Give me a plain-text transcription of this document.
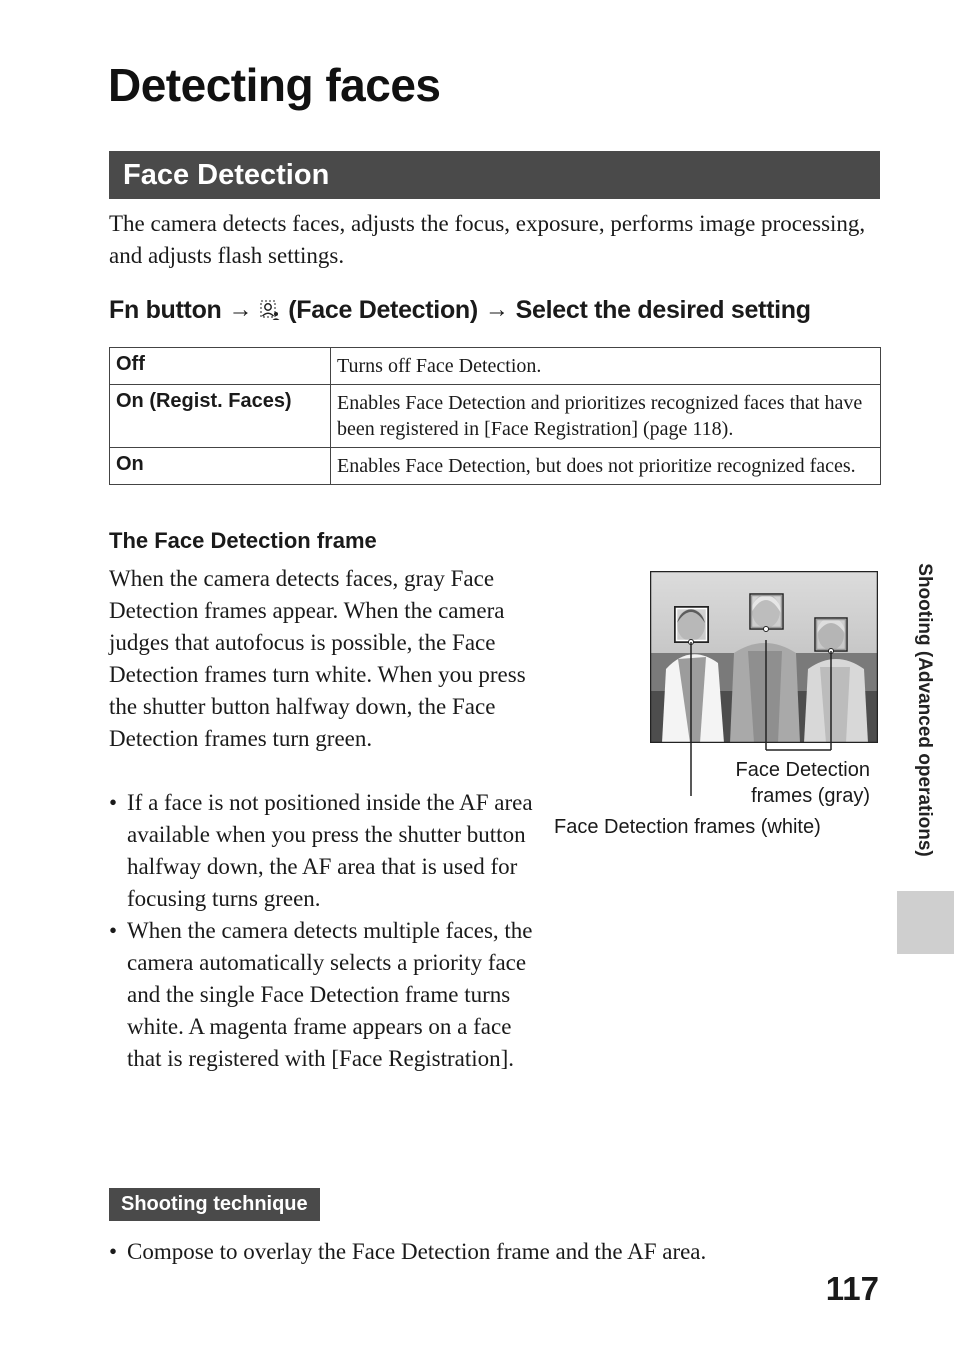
Detecting faces
Face Detection

The camera detects faces, adjusts the focus, exposure, performs image processing, and adjusts flash settings.

Fn button → (Face Detection) → Select the desired setting
Off	Turns off Face Detection.
On (Regist. Faces)	Enables Face Detection and prioritizes recognized faces that have been registered in [Face Registration] (page 118).
On	Enables Face Detection, but does not prioritize recognized faces.
The Face Detection frame

When the camera detects faces, gray Face Detection frames appear. When the camera judges that autofocus is possible, the Face Detection frames turn white. When you press the shutter button halfway down, the Face Detection frames turn green.

• If a face is not positioned inside the AF area available when you press the shutter button halfway down, the AF area that is used for focusing turns green.
• When the camera detects multiple faces, the camera automatically selects a priority face and the single Face Detection frame turns white. A magenta frame appears on a face that is registered with [Face Registration].
Face Detection frames (gray)
Face Detection frames (white)
Shooting technique
• Compose to overlay the Face Detection frame and the AF area.
Shooting (Advanced operations)
117
